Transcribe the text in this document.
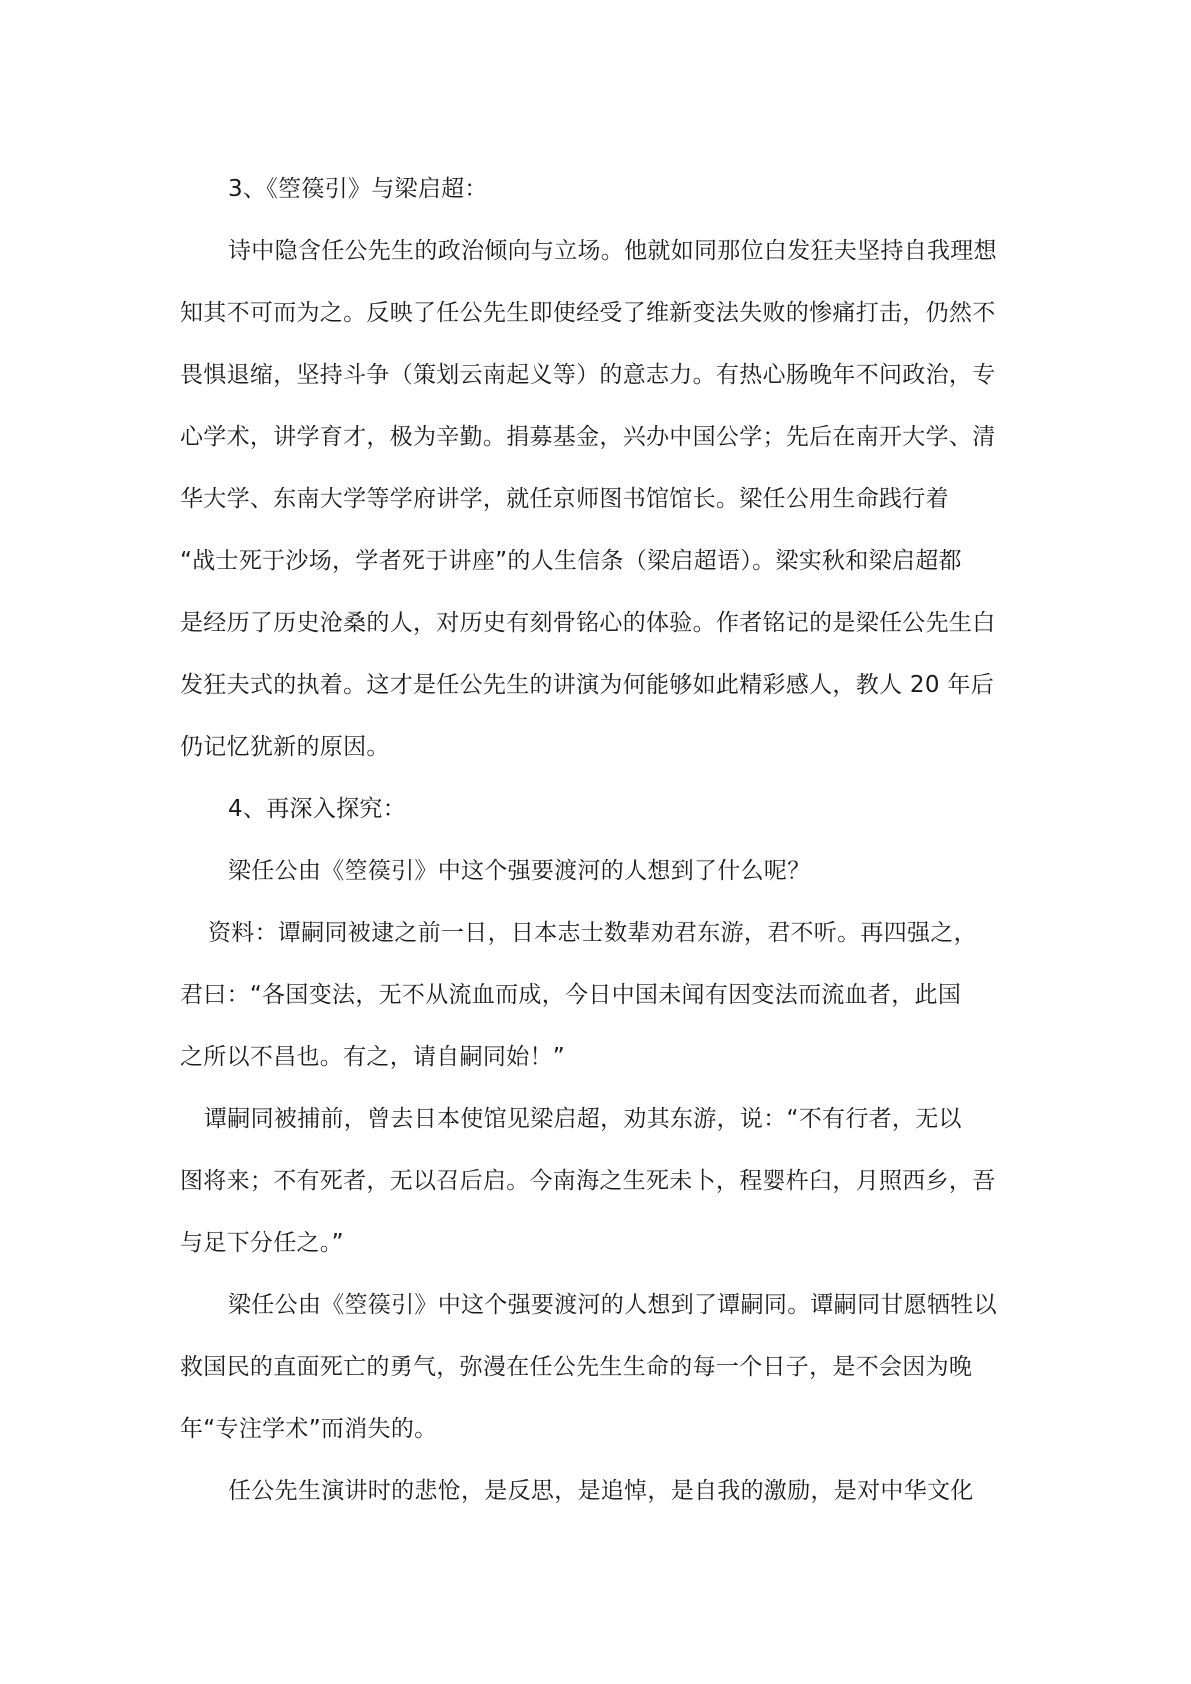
3、《箜篌引》与梁启超：
诗中隐含任公先生的政治倾向与立场。他就如同那位白发狂夫坚持自我理想
知其不可而为之。反映了任公先生即使经受了维新变法失败的惨痛打击，仍然不
畏惧退缩，坚持斗争（策划云南起义等）的意志力。有热心肠晚年不问政治，专
心学术，讲学育才，极为辛勤。捐募基金，兴办中国公学；先后在南开大学、清
华大学、东南大学等学府讲学，就任京师图书馆馆长。梁任公用生命践行着
“战士死于沙场，学者死于讲座”的人生信条（梁启超语）。梁实秋和梁启超都
是经历了历史沧桑的人，对历史有刻骨铭心的体验。作者铭记的是梁任公先生白
发狂夫式的执着。这才是任公先生的讲演为何能够如此精彩感人，教人 20 年后
仍记忆犹新的原因。
4、再深入探究：
梁任公由《箜篌引》中这个强要渡河的人想到了什么呢？
资料：谭嗣同被逮之前一日，日本志士数辈劝君东游，君不听。再四强之，
君曰：“各国变法，无不从流血而成，今日中国未闻有因变法而流血者，此国
之所以不昌也。有之，请自嗣同始！”
谭嗣同被捕前，曾去日本使馆见梁启超，劝其东游，说：“不有行者，无以
图将来；不有死者，无以召后启。今南海之生死未卜，程婴杵臼，月照西乡，吾
与足下分任之。”
梁任公由《箜篌引》中这个强要渡河的人想到了谭嗣同。谭嗣同甘愿牺牲以
救国民的直面死亡的勇气，弥漫在任公先生生命的每一个日子，是不会因为晚
年“专注学术”而消失的。
任公先生演讲时的悲怆，是反思，是追悼，是自我的激励，是对中华文化
